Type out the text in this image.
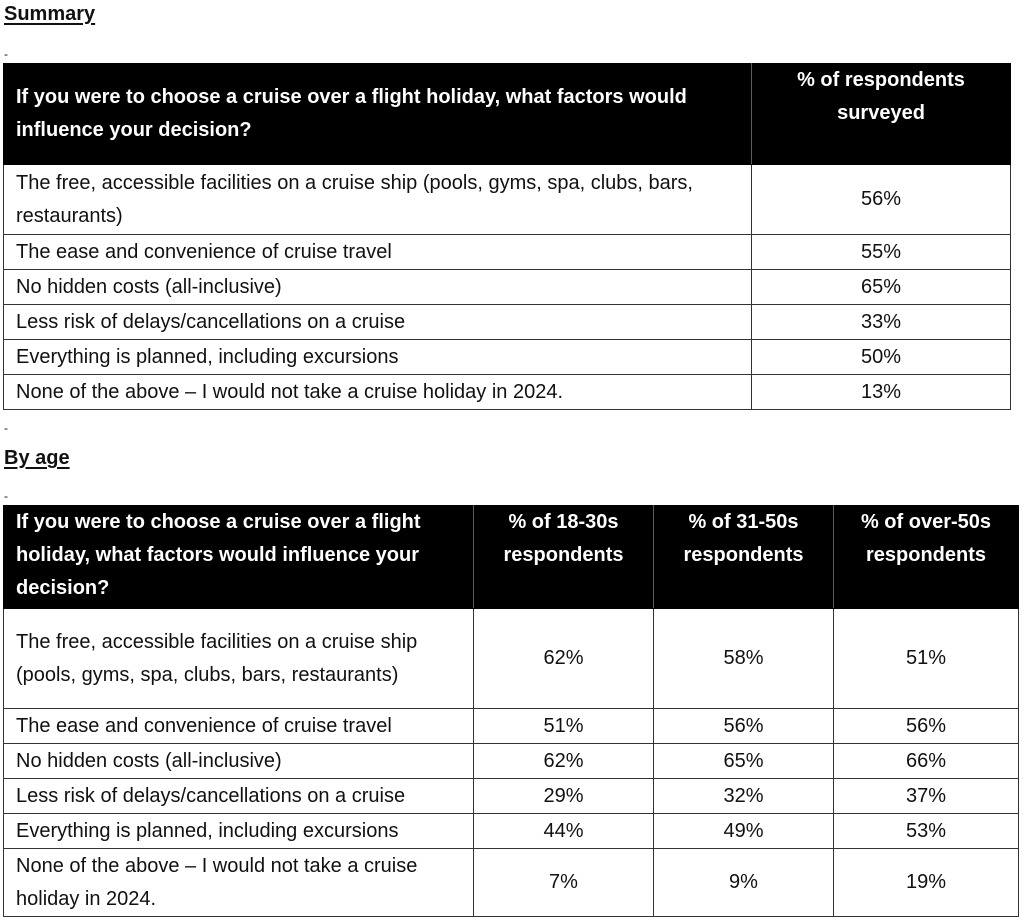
Summary
-
If you were to choose a cruise over a flight holiday, what factors would influence your decision?	% of respondents surveyed
The free, accessible facilities on a cruise ship (pools, gyms, spa, clubs, bars, restaurants)	56%
The ease and convenience of cruise travel	55%
No hidden costs (all-inclusive)	65%
Less risk of delays/cancellations on a cruise	33%
Everything is planned, including excursions	50%
None of the above – I would not take a cruise holiday in 2024.	13%
-
By age
-
If you were to choose a cruise over a flight holiday, what factors would influence your decision?	% of 18-30s respondents	% of 31-50s respondents	% of over-50s respondents
The free, accessible facilities on a cruise ship (pools, gyms, spa, clubs, bars, restaurants)	62%	58%	51%
The ease and convenience of cruise travel	51%	56%	56%
No hidden costs (all-inclusive)	62%	65%	66%
Less risk of delays/cancellations on a cruise	29%	32%	37%
Everything is planned, including excursions	44%	49%	53%
None of the above – I would not take a cruise holiday in 2024.	7%	9%	19%
